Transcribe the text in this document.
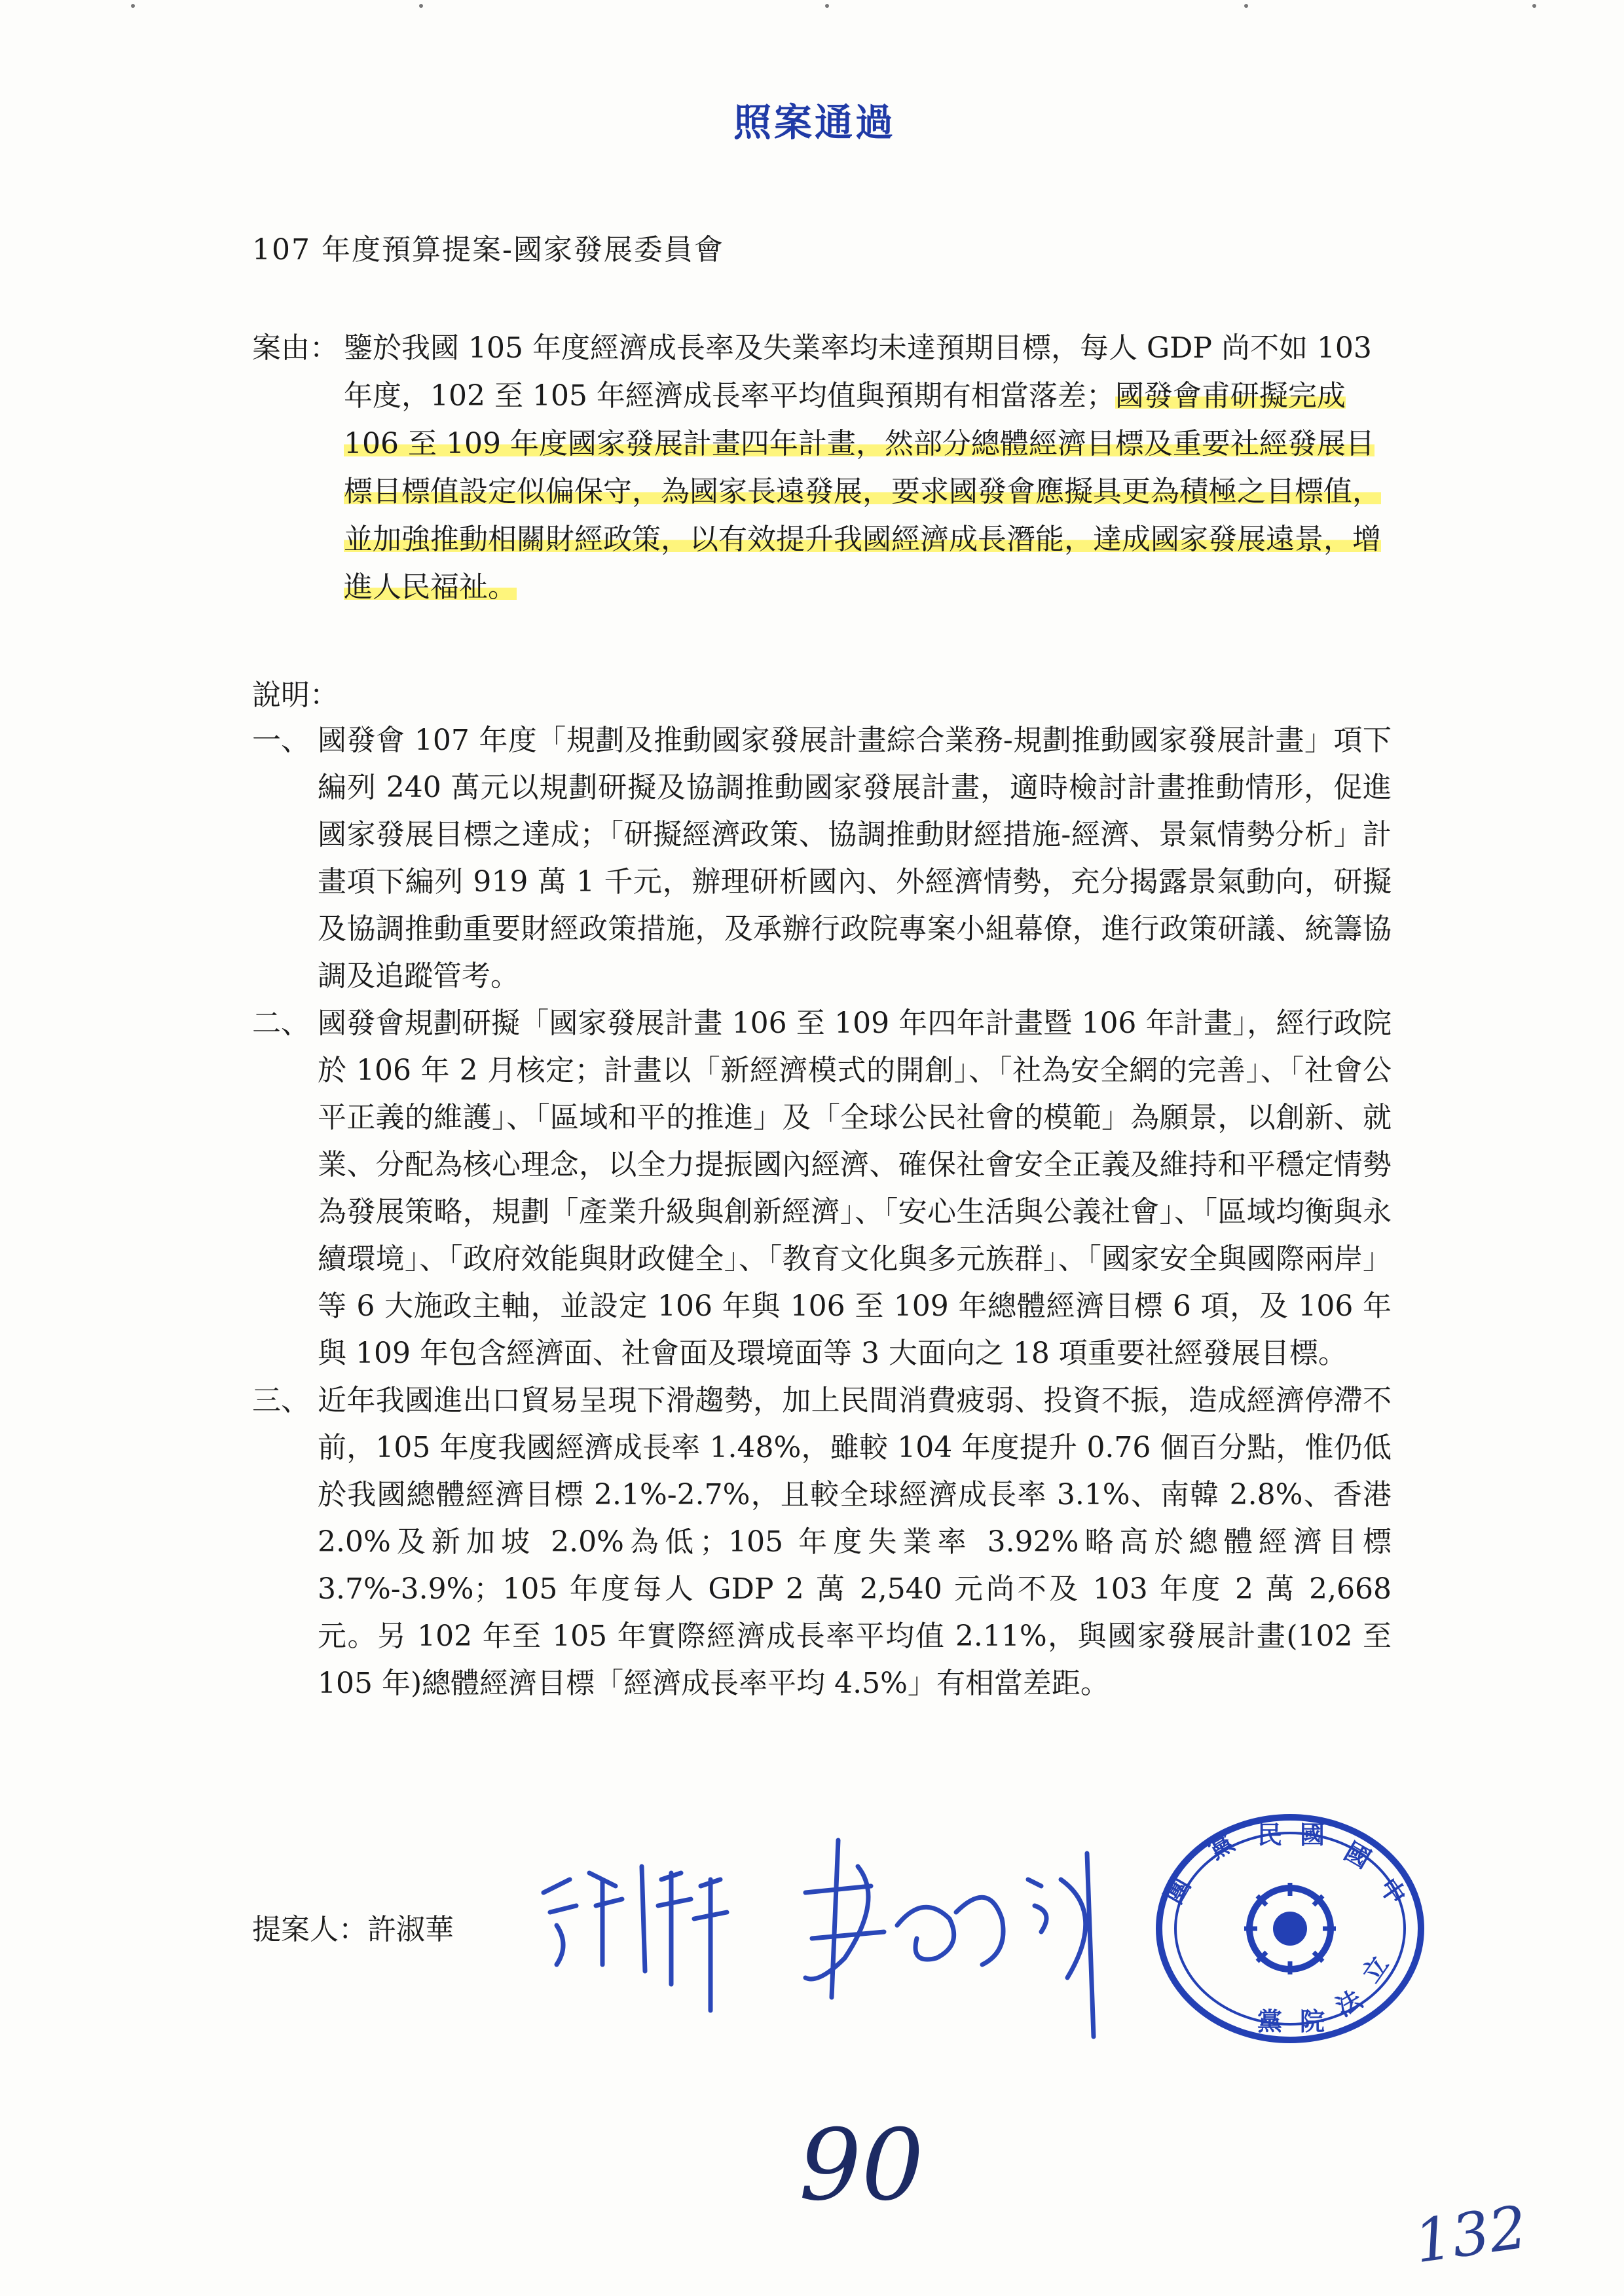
照案通過
107 年度預算提案-國家發展委員會
案由： 鑒於我國 105 年度經濟成長率及失業率均未達預期目標，每人 GDP 尚不如 103 年度，102 至 105 年經濟成長率平均值與預期有相當落差；國發會甫研擬完成 106 至 109 年度國家發展計畫四年計畫，然部分總體經濟目標及重要社經發展目標目標值設定似偏保守，為國家長遠發展，要求國發會應擬具更為積極之目標值，並加強推動相關財經政策，以有效提升我國經濟成長潛能，達成國家發展遠景，增進人民福祉。
說明：
一、 國發會 107 年度「規劃及推動國家發展計畫綜合業務-規劃推動國家發展計畫」項下編列 240 萬元以規劃研擬及協調推動國家發展計畫，適時檢討計畫推動情形，促進國家發展目標之達成；「研擬經濟政策、協調推動財經措施-經濟、景氣情勢分析」計畫項下編列 919 萬 1 千元，辦理研析國內、外經濟情勢，充分揭露景氣動向，研擬及協調推動重要財經政策措施，及承辦行政院專案小組幕僚，進行政策研議、統籌協調及追蹤管考。
二、 國發會規劃研擬「國家發展計畫 106 至 109 年四年計畫暨 106 年計畫」，經行政院於 106 年 2 月核定；計畫以「新經濟模式的開創」、「社為安全網的完善」、「社會公平正義的維護」、「區域和平的推進」及「全球公民社會的模範」為願景，以創新、就業、分配為核心理念，以全力提振國內經濟、確保社會安全正義及維持和平穩定情勢為發展策略，規劃「產業升級與創新經濟」、「安心生活與公義社會」、「區域均衡與永續環境」、「政府效能與財政健全」、「教育文化與多元族群」、「國家安全與國際兩岸」等 6 大施政主軸，並設定 106 年與 106 至 109 年總體經濟目標 6 項，及 106 年與 109 年包含經濟面、社會面及環境面等 3 大面向之 18 項重要社經發展目標。
三、 近年我國進出口貿易呈現下滑趨勢，加上民間消費疲弱、投資不振，造成經濟停滯不前，105 年度我國經濟成長率 1.48%，雖較 104 年度提升 0.76 個百分點，惟仍低於我國總體經濟目標 2.1%-2.7%，且較全球經濟成長率 3.1%、南韓 2.8%、香港 2.0%及新加坡 2.0%為低；105 年度失業率 3.92%略高於總體經濟目標 3.7%-3.9%；105 年度每人 GDP 2 萬 2,540 元尚不及 103 年度 2 萬 2,668 元。另 102 年至 105 年實際經濟成長率平均值 2.11%，與國家發展計畫(102 至 105 年)總體經濟目標「經濟成長率平均 4.5%」有相當差距。
提案人：許淑華
黨 民 國
國
中
團
黨 院 法
立
90
132
